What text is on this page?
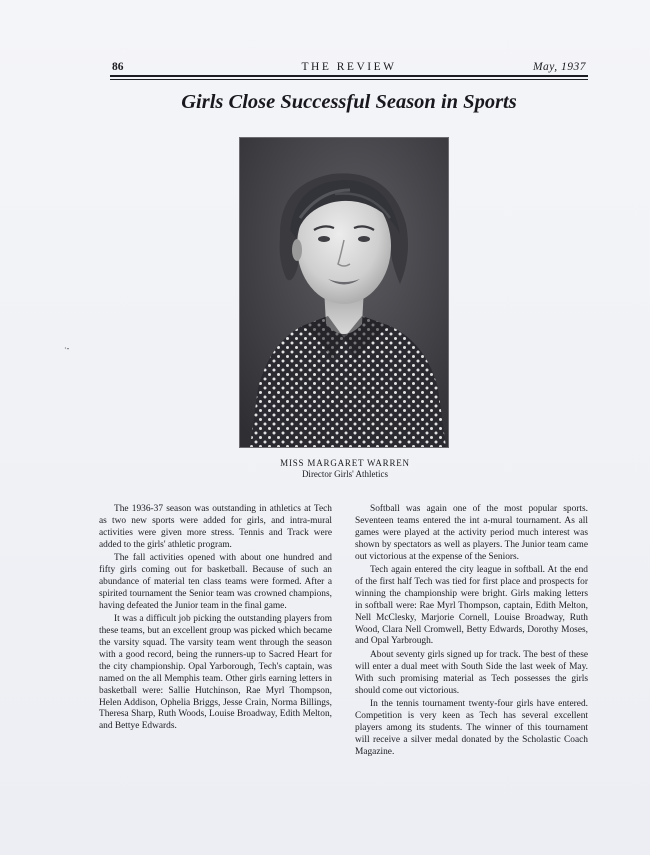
86	THE REVIEW	May, 1937
Girls Close Successful Season in Sports
MISS MARGARET WARREN
Director Girls' Athletics

The 1936-37 season was outstanding in athletics at Tech as two new sports were added for girls, and intra-mural activities were given more stress. Tennis and Track were added to the girls' athletic program.

The fall activities opened with about one hundred and fifty girls coming out for basketball. Because of such an abundance of material ten class teams were formed. After a spirited tournament the Senior team was crowned champions, having defeated the Junior team in the final game.

It was a difficult job picking the outstanding players from these teams, but an excellent group was picked which became the varsity squad. The varsity team went through the season with a good record, being the runners-up to Sacred Heart for the city championship. Opal Yarborough, Tech's captain, was named on the all Memphis team. Other girls earning letters in basketball were: Sallie Hutchinson, Rae Myrl Thompson, Helen Addison, Ophelia Briggs, Jesse Crain, Norma Billings, Theresa Sharp, Ruth Woods, Louise Broadway, Edith Melton, and Bettye Edwards.

Softball was again one of the most popular sports. Seventeen teams entered the int a-mural tournament. As all games were played at the activity period much interest was shown by spectators as well as players. The Junior team came out victorious at the expense of the Seniors.

Tech again entered the city league in softball. At the end of the first half Tech was tied for first place and prospects for winning the championship were bright. Girls making letters in softball were: Rae Myrl Thompson, captain, Edith Melton, Nell McClesky, Marjorie Cornell, Louise Broadway, Ruth Wood, Clara Nell Cromwell, Betty Edwards, Dorothy Moses, and Opal Yarbrough.

About seventy girls signed up for track. The best of these will enter a dual meet with South Side the last week of May. With such promising material as Tech possesses the girls should come out victorious.

In the tennis tournament twenty-four girls have entered. Competition is very keen as Tech has several excellent players among its students. The winner of this tournament will receive a silver medal donated by the Scholastic Coach Magazine.

·‐
